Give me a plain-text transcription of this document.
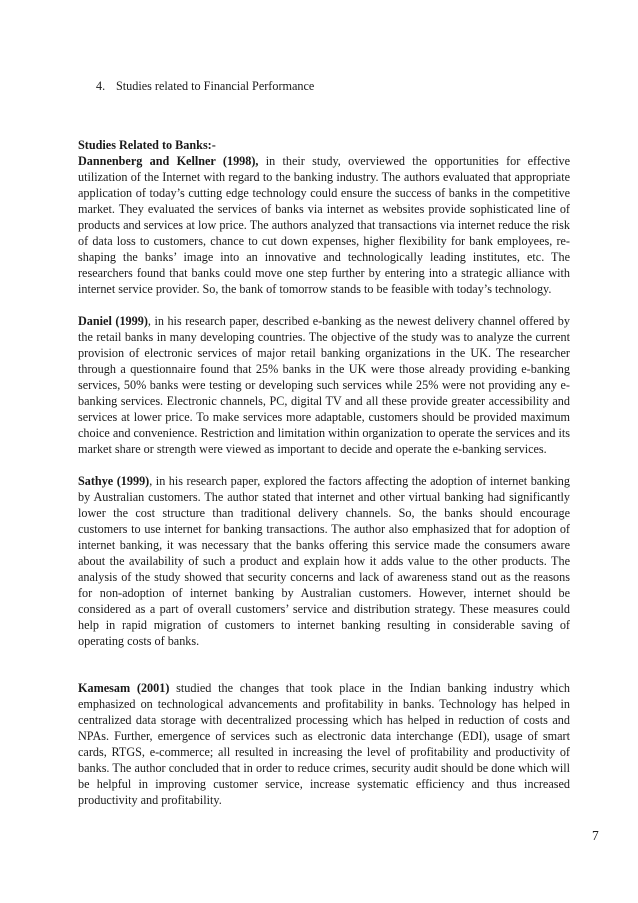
4. Studies related to Financial Performance

Studies Related to Banks:-

Dannenberg and Kellner (1998), in their study, overviewed the opportunities for effective utilization of the Internet with regard to the banking industry. The authors evaluated that appropriate application of today’s cutting edge technology could ensure the success of banks in the competitive market. They evaluated the services of banks via internet as websites provide sophisticated line of products and services at low price. The authors analyzed that transactions via internet reduce the risk of data loss to customers, chance to cut down expenses, higher flexibility for bank employees, re-shaping the banks’ image into an innovative and technologically leading institutes, etc. The researchers found that banks could move one step further by entering into a strategic alliance with internet service provider. So, the bank of tomorrow stands to be feasible with today’s technology.

Daniel (1999), in his research paper, described e-banking as the newest delivery channel offered by the retail banks in many developing countries. The objective of the study was to analyze the current provision of electronic services of major retail banking organizations in the UK. The researcher through a questionnaire found that 25% banks in the UK were those already providing e-banking services, 50% banks were testing or developing such services while 25% were not providing any e-banking services. Electronic channels, PC, digital TV and all these provide greater accessibility and services at lower price. To make services more adaptable, customers should be provided maximum choice and convenience. Restriction and limitation within organization to operate the services and its market share or strength were viewed as important to decide and operate the e-banking services.

Sathye (1999), in his research paper, explored the factors affecting the adoption of internet banking by Australian customers. The author stated that internet and other virtual banking had significantly lower the cost structure than traditional delivery channels. So, the banks should encourage customers to use internet for banking transactions. The author also emphasized that for adoption of internet banking, it was necessary that the banks offering this service made the consumers aware about the availability of such a product and explain how it adds value to the other products. The analysis of the study showed that security concerns and lack of awareness stand out as the reasons for non-adoption of internet banking by Australian customers. However, internet should be considered as a part of overall customers’ service and distribution strategy. These measures could help in rapid migration of customers to internet banking resulting in considerable saving of operating costs of banks.

Kamesam (2001) studied the changes that took place in the Indian banking industry which emphasized on technological advancements and profitability in banks. Technology has helped in centralized data storage with decentralized processing which has helped in reduction of costs and NPAs. Further, emergence of services such as electronic data interchange (EDI), usage of smart cards, RTGS, e-commerce; all resulted in increasing the level of profitability and productivity of banks. The author concluded that in order to reduce crimes, security audit should be done which will be helpful in improving customer service, increase systematic efficiency and thus increased productivity and profitability.

7
